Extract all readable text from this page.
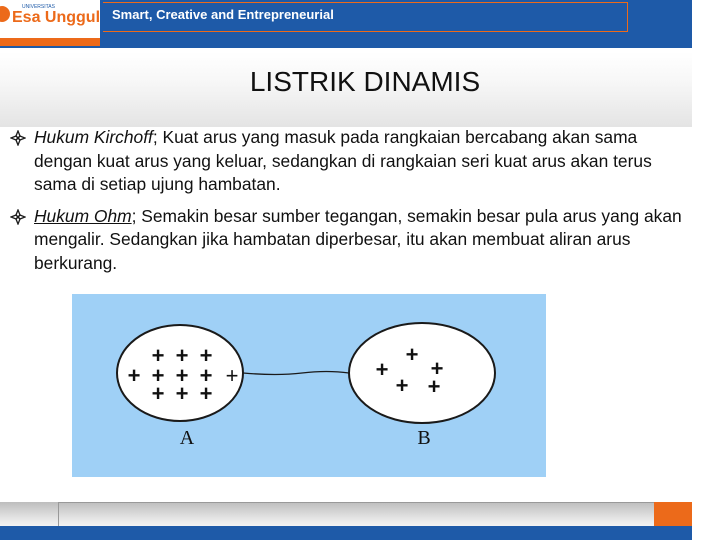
UNIVERSITAS
Esa Unggul Smart, Creative and Entrepreneurial
LISTRIK DINAMIS
Hukum Kirchoff; Kuat arus yang masuk pada rangkaian bercabang akan sama dengan kuat arus yang keluar, sedangkan di rangkaian seri kuat arus akan terus sama di setiap ujung hambatan.
Hukum Ohm; Semakin besar sumber tegangan, semakin besar pula arus yang akan mengalir. Sedangkan jika hambatan diperbesar, itu akan membuat aliran arus berkurang.
+ + +
+ + + + +
+ + +
+
+ +
+ +
A	B
